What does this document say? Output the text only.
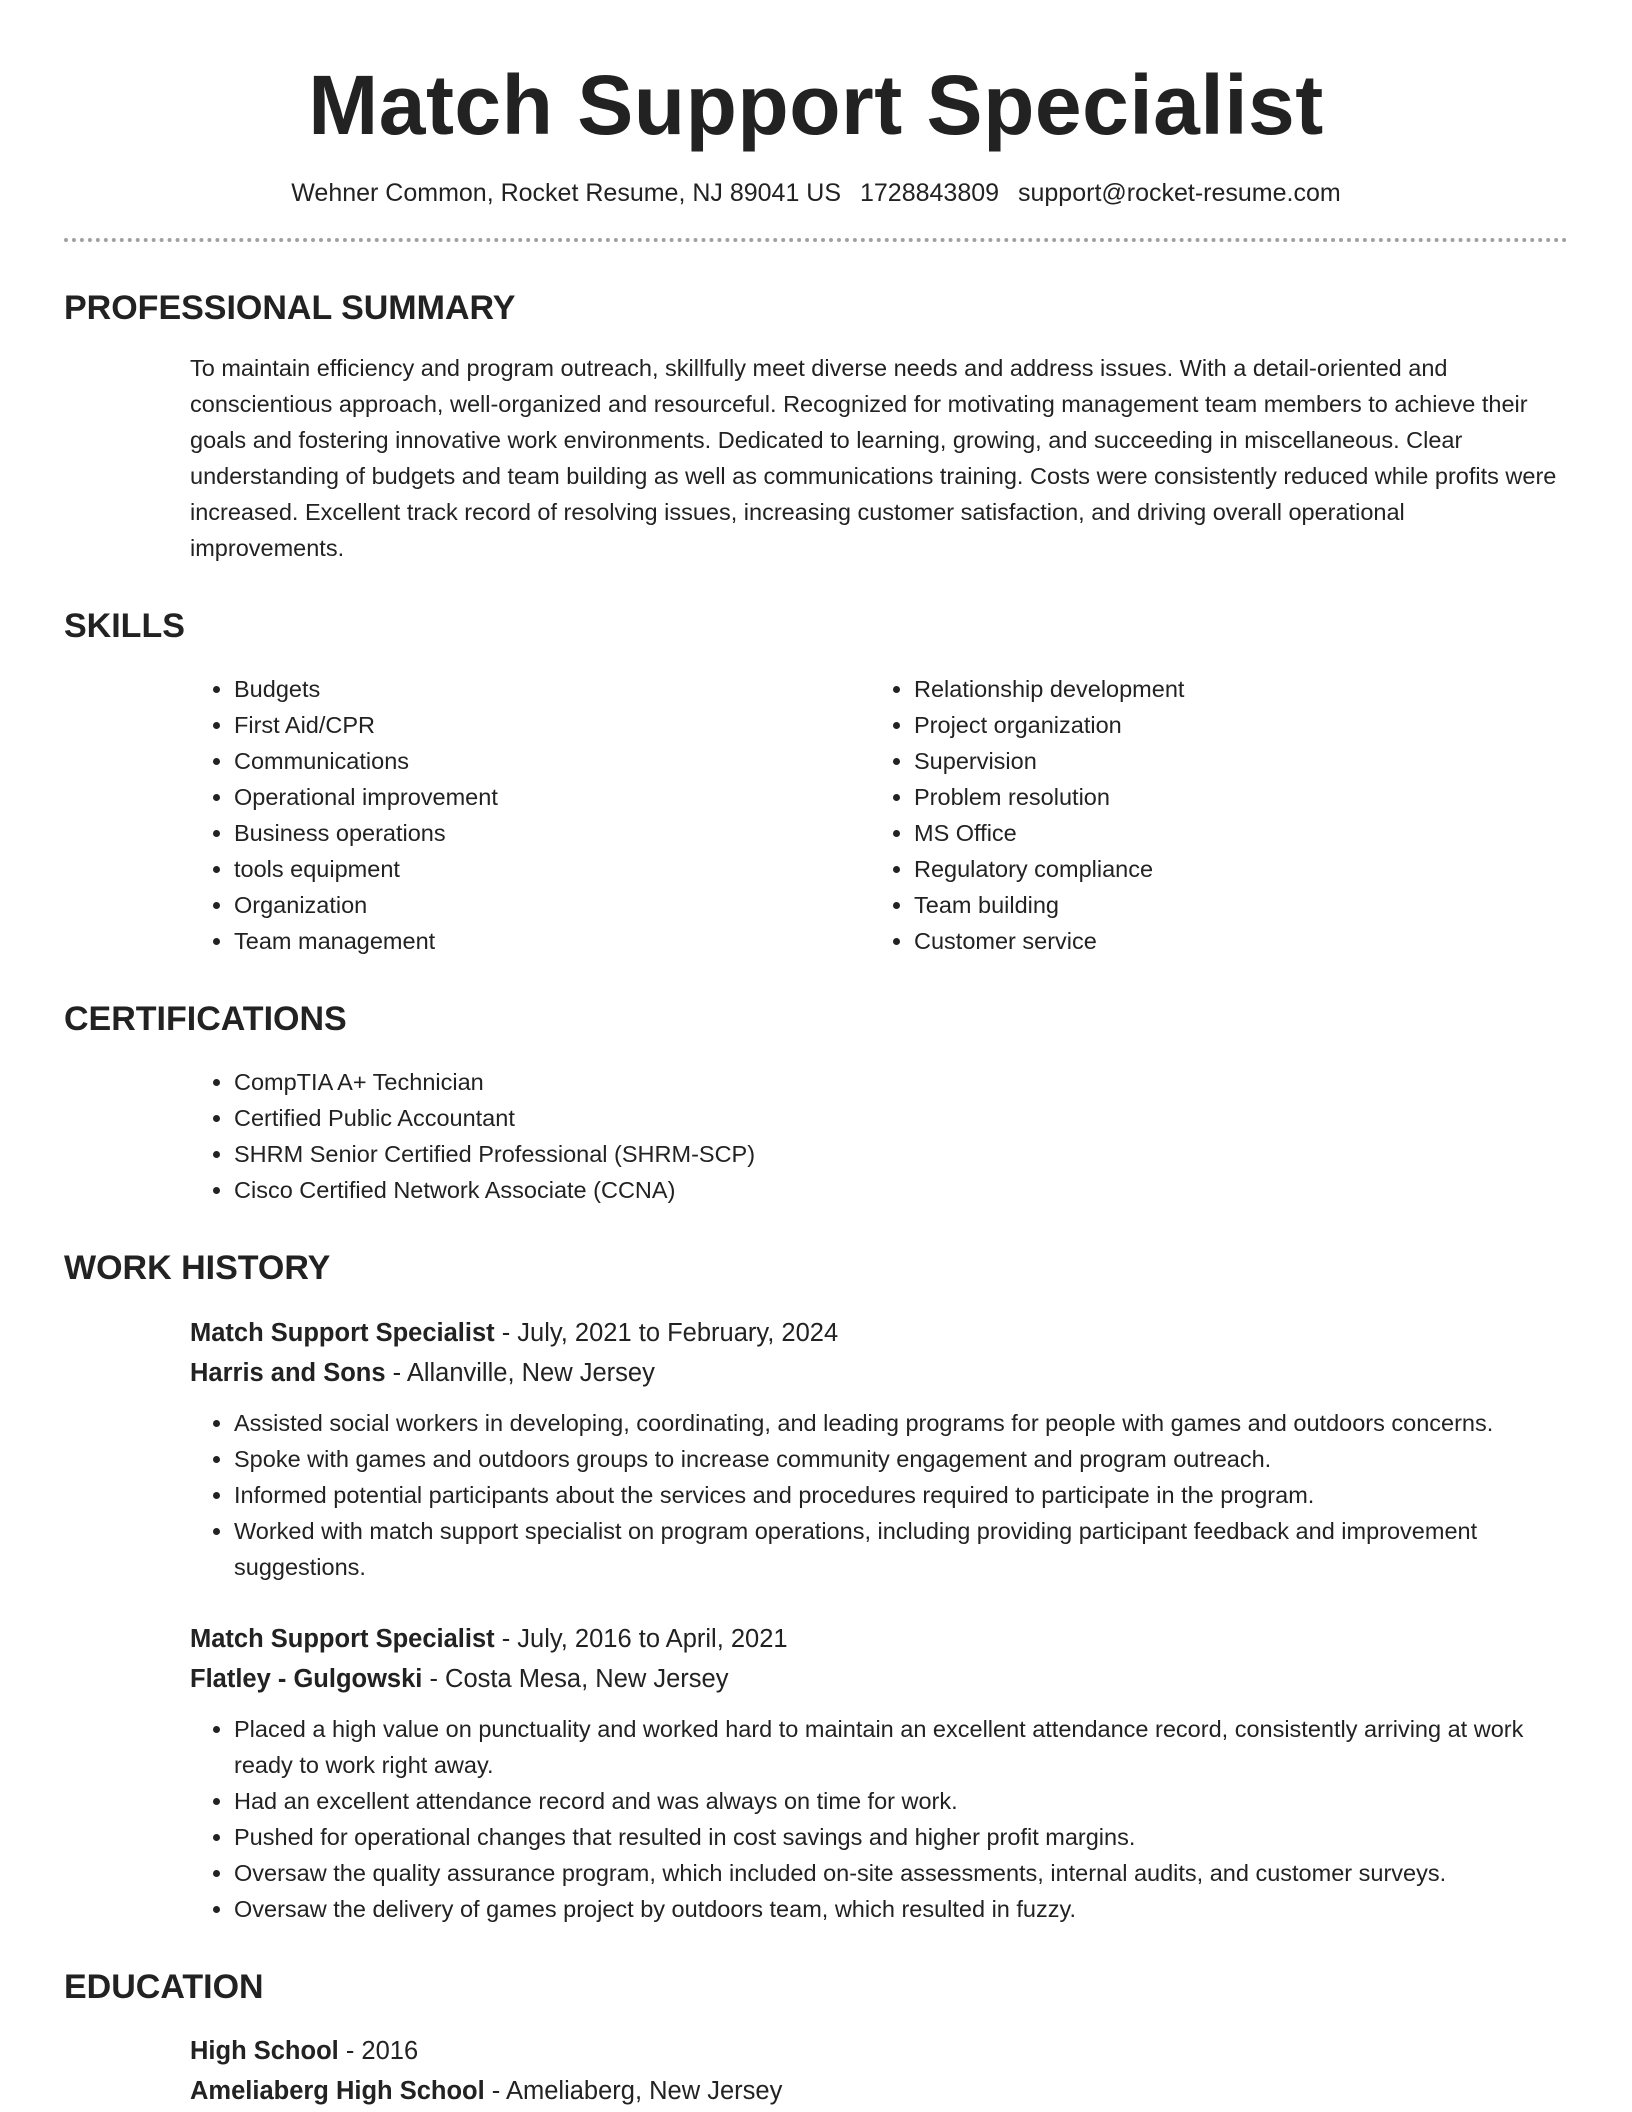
Match Support Specialist
Wehner Common, Rocket Resume, NJ 89041 US 1728843809 support@rocket-resume.com
PROFESSIONAL SUMMARY
To maintain efficiency and program outreach, skillfully meet diverse needs and address issues. With a detail-oriented and conscientious approach, well-organized and resourceful. Recognized for motivating management team members to achieve their goals and fostering innovative work environments. Dedicated to learning, growing, and succeeding in miscellaneous. Clear understanding of budgets and team building as well as communications training. Costs were consistently reduced while profits were increased. Excellent track record of resolving issues, increasing customer satisfaction, and driving overall operational improvements.
SKILLS
• Budgets
• First Aid/CPR
• Communications
• Operational improvement
• Business operations
• tools equipment
• Organization
• Team management
• Relationship development
• Project organization
• Supervision
• Problem resolution
• MS Office
• Regulatory compliance
• Team building
• Customer service
CERTIFICATIONS
• CompTIA A+ Technician
• Certified Public Accountant
• SHRM Senior Certified Professional (SHRM-SCP)
• Cisco Certified Network Associate (CCNA)
WORK HISTORY
Match Support Specialist - July, 2021 to February, 2024
Harris and Sons - Allanville, New Jersey
• Assisted social workers in developing, coordinating, and leading programs for people with games and outdoors concerns.
• Spoke with games and outdoors groups to increase community engagement and program outreach.
• Informed potential participants about the services and procedures required to participate in the program.
• Worked with match support specialist on program operations, including providing participant feedback and improvement suggestions.
Match Support Specialist - July, 2016 to April, 2021
Flatley - Gulgowski - Costa Mesa, New Jersey
• Placed a high value on punctuality and worked hard to maintain an excellent attendance record, consistently arriving at work ready to work right away.
• Had an excellent attendance record and was always on time for work.
• Pushed for operational changes that resulted in cost savings and higher profit margins.
• Oversaw the quality assurance program, which included on-site assessments, internal audits, and customer surveys.
• Oversaw the delivery of games project by outdoors team, which resulted in fuzzy.
EDUCATION
High School - 2016
Ameliaberg High School - Ameliaberg, New Jersey
